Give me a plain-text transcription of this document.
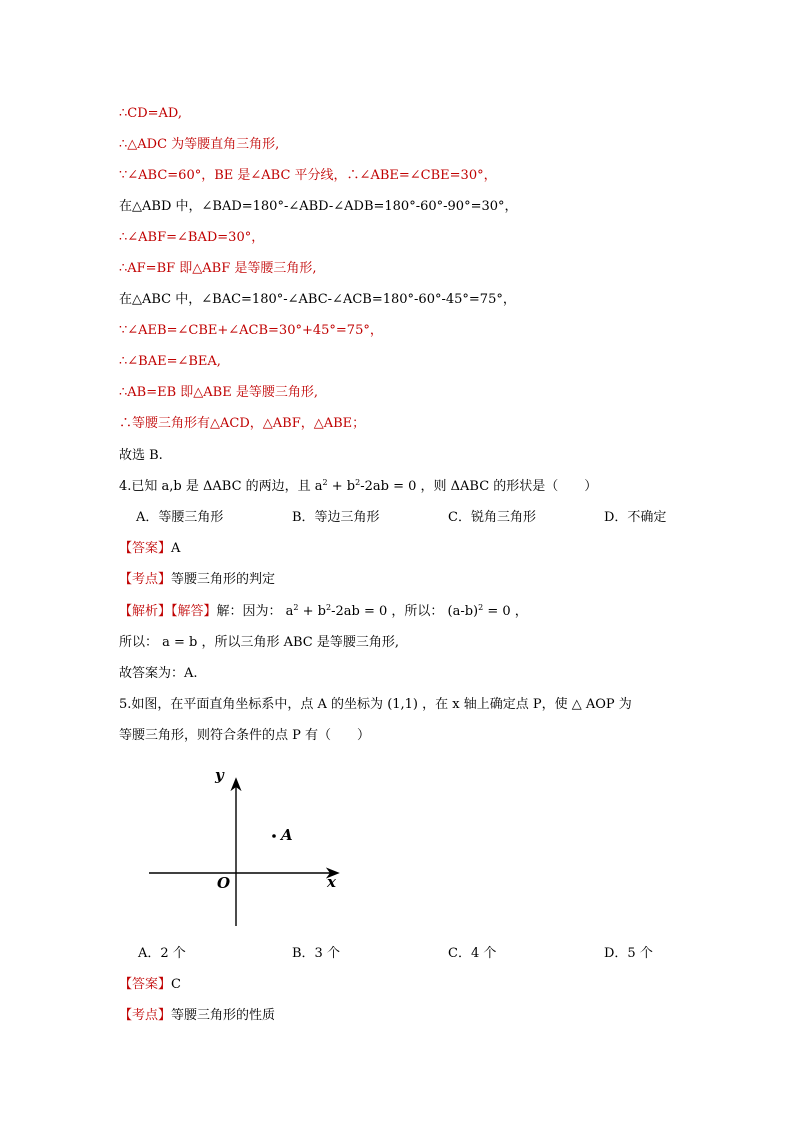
∴CD=AD,
∴△ADC 为等腰直角三角形,
∵∠ABC=60°，BE 是∠ABC 平分线，∴∠ABE=∠CBE=30°，
在△ABD 中，∠BAD=180°-∠ABD-∠ADB=180°-60°-90°=30°，
∴∠ABF=∠BAD=30°，
∴AF=BF 即△ABF 是等腰三角形,
在△ABC 中，∠BAC=180°-∠ABC-∠ACB=180°-60°-45°=75°，
∵∠AEB=∠CBE+∠ACB=30°+45°=75°，
∴∠BAE=∠BEA,
∴AB=EB 即△ABE 是等腰三角形,
∴等腰三角形有△ACD，△ABF，△ABE；
故选 B.
4.已知 a,b 是 ΔABC 的两边，且 $a^2 + b^2-2ab = 0$ ，则 ΔABC 的形状是（　　）
A．等腰三角形	B．等边三角形	C．锐角三角形	D．不确定
【答案】A
【考点】等腰三角形的判定
【解析】【解答】解：因为： $a^2 + b^2-2ab = 0$ ，所以： $(a-b)^2 = 0$ ，
所以： a = b ，所以三角形 ABC 是等腰三角形,
故答案为：A.
5.如图，在平面直角坐标系中，点 A 的坐标为 (1,1) ，在 x 轴上确定点 P，使 △ AOP 为
等腰三角形，则符合条件的点 P 有（　　）
A
y
x
O
A．2 个	B．3 个	C．4 个	D．5 个
【答案】C
【考点】等腰三角形的性质
